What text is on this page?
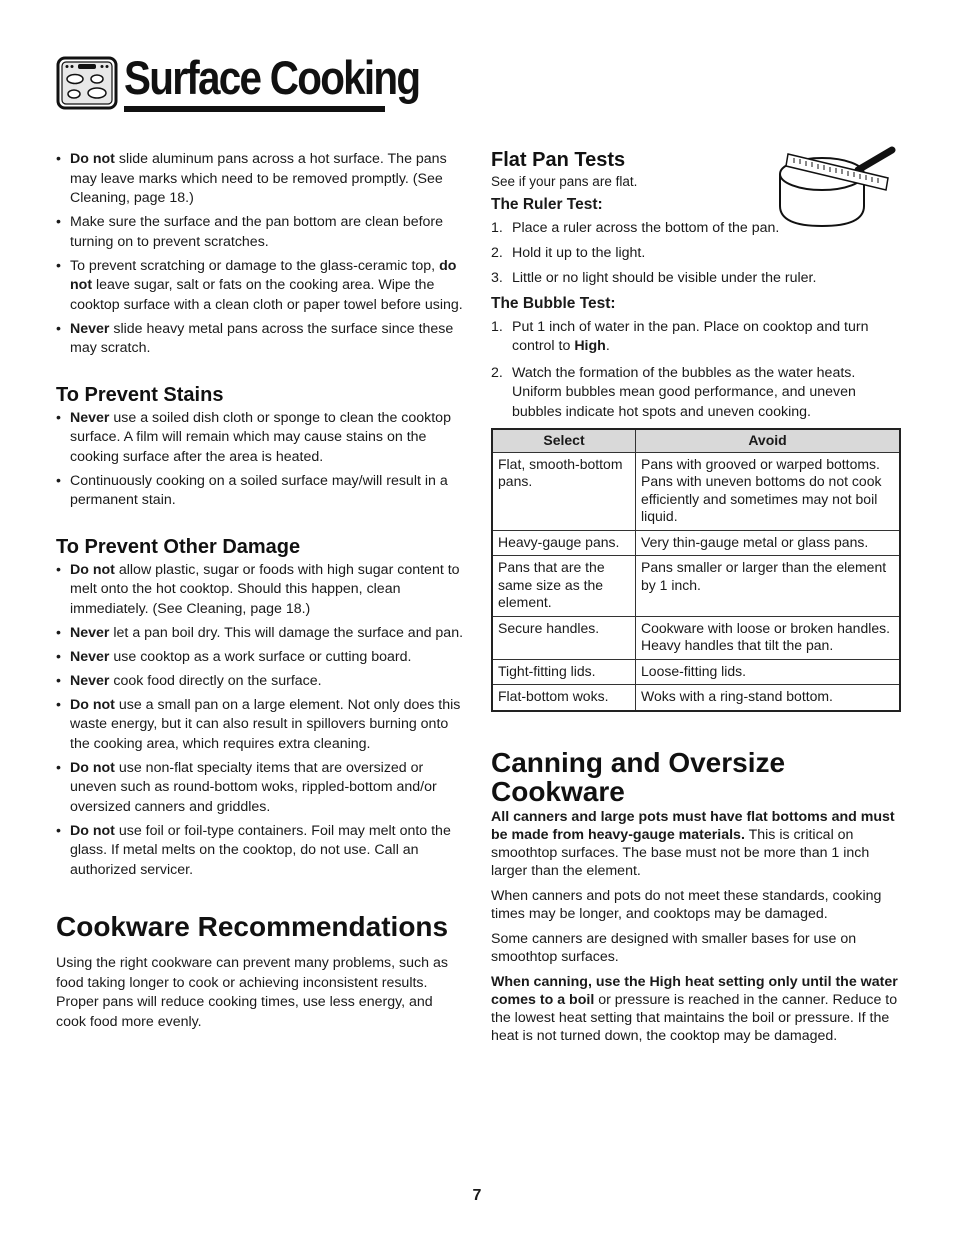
Surface Cooking
• Do not slide aluminum pans across a hot surface. The pans may leave marks which need to be removed promptly. (See Cleaning, page 18.)
• Make sure the surface and the pan bottom are clean before turning on to prevent scratches.
• To prevent scratching or damage to the glass-ceramic top, do not leave sugar, salt or fats on the cooking area. Wipe the cooktop surface with a clean cloth or paper towel before using.
• Never slide heavy metal pans across the surface since these may scratch.
To Prevent Stains
• Never use a soiled dish cloth or sponge to clean the cooktop surface. A film will remain which may cause stains on the cooking surface after the area is heated.
• Continuously cooking on a soiled surface may/will result in a permanent stain.
To Prevent Other Damage
• Do not allow plastic, sugar or foods with high sugar content to melt onto the hot cooktop. Should this happen, clean immediately. (See Cleaning, page 18.)
• Never let a pan boil dry. This will damage the surface and pan.
• Never use cooktop as a work surface or cutting board.
• Never cook food directly on the surface.
• Do not use a small pan on a large element. Not only does this waste energy, but it can also result in spillovers burning onto the cooking area, which requires extra cleaning.
• Do not use non-flat specialty items that are oversized or uneven such as round-bottom woks, rippled-bottom and/or oversized canners and griddles.
• Do not use foil or foil-type containers. Foil may melt onto the glass. If metal melts on the cooktop, do not use. Call an authorized servicer.
Cookware Recommendations

Using the right cookware can prevent many problems, such as food taking longer to cook or achieving inconsistent results. Proper pans will reduce cooking times, use less energy, and cook food more evenly.

Flat Pan Tests

See if your pans are flat.

The Ruler Test:
1. Place a ruler across the bottom of the pan.
2. Hold it up to the light.
3. Little or no light should be visible under the ruler.
The Bubble Test:
1. Put 1 inch of water in the pan. Place on cooktop and turn control to High.
2. Watch the formation of the bubbles as the water heats. Uniform bubbles mean good performance, and uneven bubbles indicate hot spots and uneven cooking.
Select	Avoid
Flat, smooth-bottom pans.	Pans with grooved or warped bottoms. Pans with uneven bottoms do not cook efficiently and sometimes may not boil liquid.
Heavy-gauge pans.	Very thin-gauge metal or glass pans.
Pans that are the same size as the element.	Pans smaller or larger than the element by 1 inch.
Secure handles.	Cookware with loose or broken handles. Heavy handles that tilt the pan.
Tight-fitting lids.	Loose-fitting lids.
Flat-bottom woks.	Woks with a ring-stand bottom.
Canning and Oversize Cookware

All canners and large pots must have flat bottoms and must be made from heavy-gauge materials. This is critical on smoothtop surfaces. The base must not be more than 1 inch larger than the element.

When canners and pots do not meet these standards, cooking times may be longer, and cooktops may be damaged.

Some canners are designed with smaller bases for use on smoothtop surfaces.

When canning, use the High heat setting only until the water comes to a boil or pressure is reached in the canner. Reduce to the lowest heat setting that maintains the boil or pressure. If the heat is not turned down, the cooktop may be damaged.

7
